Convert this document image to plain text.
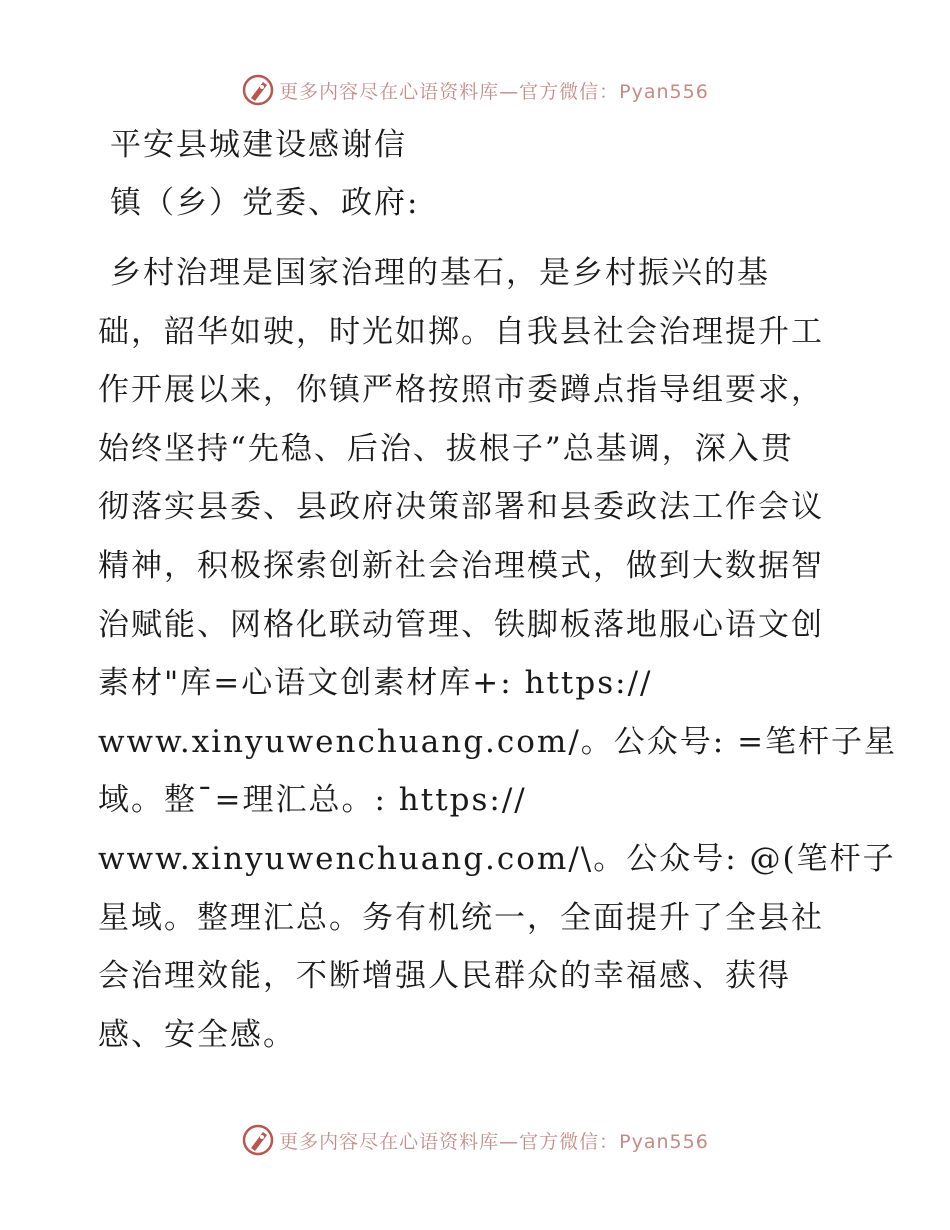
更多内容尽在心语资料库—官方微信：Pyan556

平安县城建设感谢信

镇（乡）党委、政府:

乡村治理是国家治理的基石，是乡村振兴的基

础，韶华如驶，时光如掷。自我县社会治理提升工

作开展以来，你镇严格按照市委蹲点指导组要求，

始终坚持“先稳、后治、拔根子”总基调，深入贯

彻落实县委、县政府决策部署和县委政法工作会议

精神，积极探索创新社会治理模式，做到大数据智

治赋能、网格化联动管理、铁脚板落地服心语文创

素材"库=心语文创素材库+: https://

www.xinyuwenchuang.com/。公众号: =笔杆子星

域。整¯=理汇总。: https://

www.xinyuwenchuang.com/\。公众号: @(笔杆子

星域。整理汇总。务有机统一，全面提升了全县社

会治理效能，不断增强人民群众的幸福感、获得

感、安全感。

更多内容尽在心语资料库—官方微信：Pyan556
